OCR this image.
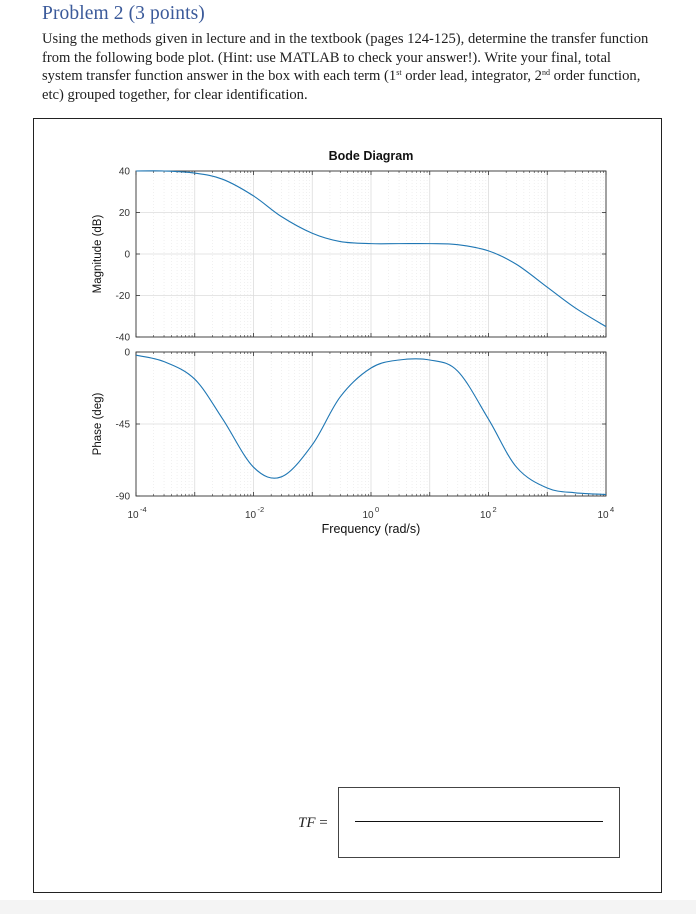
Problem 2 (3 points)
Using the methods given in lecture and in the textbook (pages 124-125), determine the transfer function from the following bode plot. (Hint: use MATLAB to check your answer!). Write your final, total system transfer function answer in the box with each term (1st order lead, integrator, 2nd order function, etc) grouped together, for clear identification.
Bode Diagram
Magnitude (dB)
Phase (deg)
Frequency (rad/s)
40
20
0
-20
-40
0
-45
-90
10
-4
10
-2
10
0
10
2
10
4
TF =
